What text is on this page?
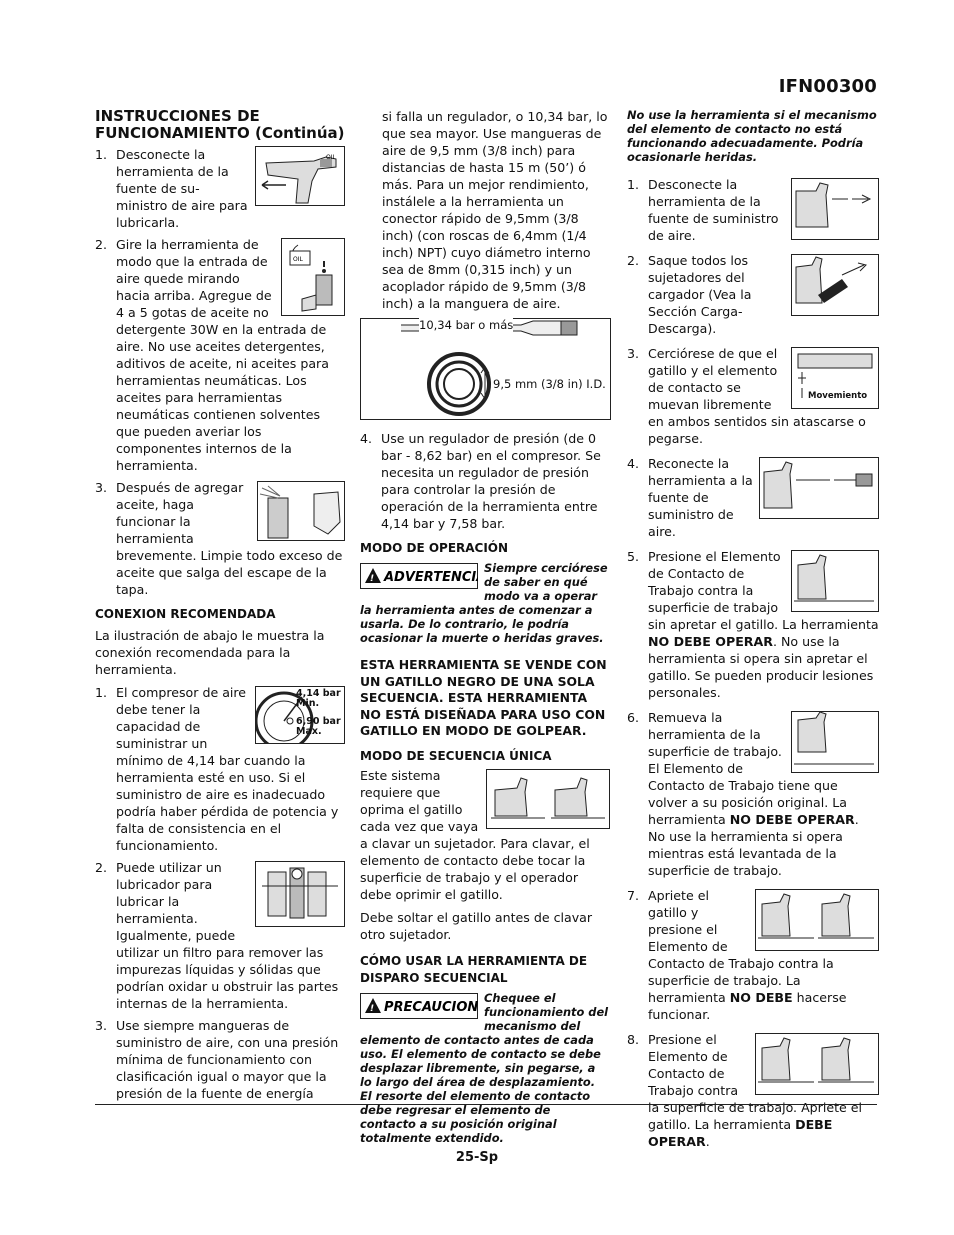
IFN00300
INSTRUCCIONES DE FUNCIONAMIENTO (Continúa)
1.	OIL
Desconecte la herramienta de la fuente de su-ministro de aire para lubricarla.
2.
OIL
Gire la herramienta de modo que la entrada de aire quede mirando hacia arriba. Agregue de 4 a 5 gotas de aceite no detergente 30W en la entrada de aire. No use aceites detergentes, aditivos de aceite, ni aceites para herramientas neumáticas. Los aceites para herramientas neumáticas contienen solventes que pueden averiar los componentes internos de la herramienta.
3. Después de agregar aceite, haga funcionar la herramienta brevemente. Limpie todo exceso de aceite que salga del escape de la tapa.
CONEXION RECOMENDADA

La ilustración de abajo le muestra la conexión recomendada para la herramienta.

1.	4,14 bar Min.
6,90 bar Max.
El compresor de aire debe tener la capacidad de suministrar un mínimo de 4,14 bar cuando la herramienta esté en uso. Si el suministro de aire es inadecuado podría haber pérdida de potencia y falta de consistencia en el funcionamiento.
2. Puede utilizar un lubricador para lubricar la herramienta. Igualmente, puede utilizar un filtro para remover las impurezas líquidas y sólidas que podrían oxidar u obstruir las partes internas de la herramienta.
3. Use siempre mangueras de suministro de aire, con una presión mínima de funcionamiento con clasificación igual o mayor que la presión de la fuente de energía

si falla un regulador, o 10,34 bar, lo que sea mayor. Use mangueras de aire de 9,5 mm (3/8 inch) para distancias de hasta 15 m (50’) ó más. Para un mejor rendimiento, instálele a la herramienta un conector rápido de 9,5mm (3/8 inch) (con roscas de 6,4mm (1/4 inch) NPT) cuyo diámetro interno sea de 8mm (0,315 inch) y un acoplador rápido de 9,5mm (3/8 inch) a la manguera de aire.

10,34 bar o más
9,5 mm (3/8 in) I.D.
4. Use un regulador de presión (de 0 bar - 8,62 bar) en el compresor. Se necesita un regulador de presión para controlar la presión de operación de la herramienta entre 4,14 bar y 7,58 bar.
MODO DE OPERACIÓN
! ADVERTENCIA
Siempre cerciórese de saber en qué modo va a operar la herramienta antes de comenzar a usarla. De lo contrario, le podría ocasionar la muerte o heridas graves.
ESTA HERRAMIENTA SE VENDE CON UN GATILLO NEGRO DE UNA SOLA SECUENCIA. ESTA HERRAMIENTA NO ESTÁ DISEÑADA PARA USO CON GATILLO EN MODO DE GOLPEAR.
MODO DE SECUENCIA ÚNICA
Este sistema requiere que oprima el gatillo cada vez que vaya a clavar un sujetador. Para clavar, el elemento de contacto debe tocar la superficie de trabajo y el operador debe oprimir el gatillo.

Debe soltar el gatillo antes de clavar otro sujetador.

CÓMO USAR LA HERRAMIENTA DE DISPARO SECUENCIAL
! PRECAUCION
Chequee el funcionamiento del mecanismo del elemento de contacto antes de cada uso. El elemento de contacto se debe desplazar libremente, sin pegarse, a lo largo del área de desplazamiento. El resorte del elemento de contacto debe regresar el elemento de contacto a su posición original totalmente extendido.
No use la herramienta si el mecanismo del elemento de contacto no está funcionando adecuadamente. Podría ocasionarle heridas.
1. Desconecte la herramienta de la fuente de suministro de aire.
2. Saque todos los sujetadores del cargador (Vea la Sección Carga-Descarga).
3.
Movemiento
Cerciórese de que el gatillo y el elemento de contacto se muevan libremente en ambos sentidos sin atascarse o pegarse.
4. Reconecte la herramienta a la fuente de suministro de aire.
5. Presione el Elemento de Contacto de Trabajo contra la superficie de trabajo sin apretar el gatillo. La herramienta NO DEBE OPERAR. No use la herramienta si opera sin apretar el gatillo. Se pueden producir lesiones personales.
6. Remueva la herramienta de la superficie de trabajo. El Elemento de Contacto de Trabajo tiene que volver a su posición original. La herramienta NO DEBE OPERAR. No use la herramienta si opera mientras está levantada de la superficie de trabajo.
7. Apriete el gatillo y presione el Elemento de Contacto de Trabajo contra la superficie de trabajo. La herramienta NO DEBE hacerse funcionar.
8. Presione el Elemento de Contacto de Trabajo contra la superficie de trabajo. Apriete el gatillo. La herramienta DEBE OPERAR.
25-Sp
